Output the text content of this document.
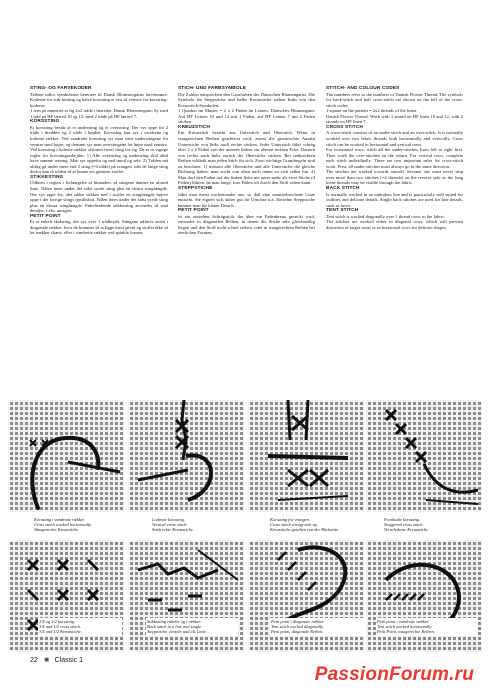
STING- OG FARVEKODER

Tallene udfor symbolerne henviser til Dansk Blomstergarns farvenumre. Koderne for stik-kesting og halve korssting er vist til venstre for korssting-koderne.

1 tern på mønstret er lig 2x2 tråde i lærredet. Dansk Blomstergarn: Sy med 1 tråd på HF lærred 10 og 12, med 2 tråde på HF lærred 7.

KORSSTING

Et korssting består af et understing og et overstring. Der sys oppe fra 2 tråde i bredden og 2 tråde i højden. Korssting kan sys i vandrette og lodrette rækker. Ved vandrette korssting syr man først understingene fra venstre mod højre; og dernæst syr man overstingene fra højre mod venstre. Ved korssting i lodrette rækker afsluttes hvert sting for sig. De er to vigtige regler for korsstingsarbejder: 1) Alle overstring og understing skal altid have samme retning. Man syr oppefra og ned imod og selv. 2) Tråden må aldrig gå under mere end 2 sting (=4 tråde) på vrangen, idet de lange sting derfor kan få tråden til at kunne ses gennem stoffet.

STIKKESTING

Udføres i regien i forlængelse af hinanden, så stingene danner en ubrudt linie. Nålen føres under det sidst syede sting plus en ekstra stinglængde. Der sys oppe fra, idet nålen stikkes ned i stoffet en stinglængde højere oppe i det forrige stings opstikshul. Nålen føres under det sidst syede sting plus en ekstra stinglængde. Enkeltstående stikkesting anvendes til små detaljer, f.eks. ansigter.

PETIT POINT

Er et enkelt skråsting, der sys over 1 trådkryds. Stingene udføres enten i diagonale rækker, hvor de kommer til at ligge mest jævnt og stoffet ikke så let trækker skævt, eller i vandrette rækker ved spinkle former.

STICH- UND FARBSYMBOLE

Die Zahlen entsprechen den Garnfarben des Dänischen Blumengarns. Die Symbole für Steppstiche und halbe Kreuzstiche stehen links von den Kreuzstich-Symbolen.

1 Quadrat im Muster = 2 x 2 Fäden im Leinen. Dänisches Blumengarn: Auf HF Leinen 10 und 12 mit 1 Faden, auf HF Leinen 7 mit 2 Fäden sticken.

KREUZSTICH

Ein Kreuzstich besteht aus Unterstich und Oberstich. Wenn in waagerechten Reihen gearbeitet wird, zuerst die gewünschte Anzahl Unterstiche von links nach rechts sticken. Jeder Unterstich führt schräg über 2 x 2 Fäden von der unteren linken zur oberen rechten Ecke. Danach von rechts nach links zurück die Oberstiche sticken. Bei senkrechten Reihen schließt man jeden Stich für sich. Zwei wichtige Grundregeln sind zu beachten: 1) müssen alle Oberstiche und alle Unterstiche die gleiche Richtung haben, man sticht von oben nach unten zu sich selbst hin. 2) Man darf den Faden auf der linken Seite nie unter mehr als zwei Stiche (4 Fäden) führen, da man lange, lose Fäden oft durch den Stoff sehen kann.

STEPPSTICHE

führt man meist nacheinander aus, so daß eine ununterbrochene Linie entsteht. Sie eignen sich daher gut für Umrisse u.ä. Einzelne Steppstiche benutzt man für kleine Details.

PETIT POINT

ist ein einzelner Schrägstich, der über ein Fadenkreuz gestickt wird, entweder in diagonalen Reihen, in denen die Stiche sehr gleichmäßig liegen und den Stoff nicht schief ziehen, oder in waagerechten Reihen bei zierlichen Formen.

STITCH- AND COLOUR CODES

The numbers refer to the numbers of Danish Flower Thread. The symbols for back-stitch and half cross-stitch are shown on the left of the cross-stitch codes.

1 square on the pattern = 2x2 threads of the linen.

Danish Flower Thread: Work with 1 strand on HF linen 10 and 12, with 2 strands on HF linen 7.

CROSS STITCH

A cross-stitch consists of an under-stitch and an over-stitch. It is normally worked over two fabric threads both horizontally and vertically. Cross stitch can be worked in horizontal and vertical rows.

For horizontal rows, stitch all the under-stitches from left to right first. Then work the over-stitches on the return. For vertical rows, complete each stitch individually. There are two important rules for cross-stitch work. First, all under-stitches must always go in the same direction.

The stitches are worked towards oneself. Second, one must never skip over more than two stitches (=4 threads) on the reverse side as the long loose threads may be visible through the fabric.

BACK STITCH

Is normally worked in an unbroken line and is particularly well suited for outlines and delicate details. Single back stitches are used for fine details, such as faces.

TENT STITCH

Tent stitch is worked diagonally over 1 thread cross in the fabric.

The stitches are worked either in diagonal rows, which will prevent distortion of larger areas or in horizontal rows for delicate shapes.

Korssting i vandrette rækker.
Cross stitch worked horizontally.
Waagerechte Kreuzstiche.
Lodrette korssting.
Vertical cross stitch.
Senkrechte Kreuzstiche.
Korssting fra vrangen.
Cross stitch wrong-side up.
Kreuzstiche gesehen von der Rückseite.
Forskudte korssting.
Staggered cross stitch.
Verschobene Kreuzstiche.
3/4 og 1/2 korssting.
3/4 and 1/2 cross stitch.
3/4 und 1/2 Kreuzstiche.
Stikkesting enkelte og i rækker.
Back stitch in a line and single.
Steppstiche, einzeln und als Linie.
Petit point i diagonale rækker.
Tent stitch worked diagonally.
Petit point, diagonale Reihen.
Petit point i vandrette rækker.
Tent stitch worked horizontally.
Petit Point, waagerechte Reihen.
22 ❀ Classic 1
PassionForum.ru
